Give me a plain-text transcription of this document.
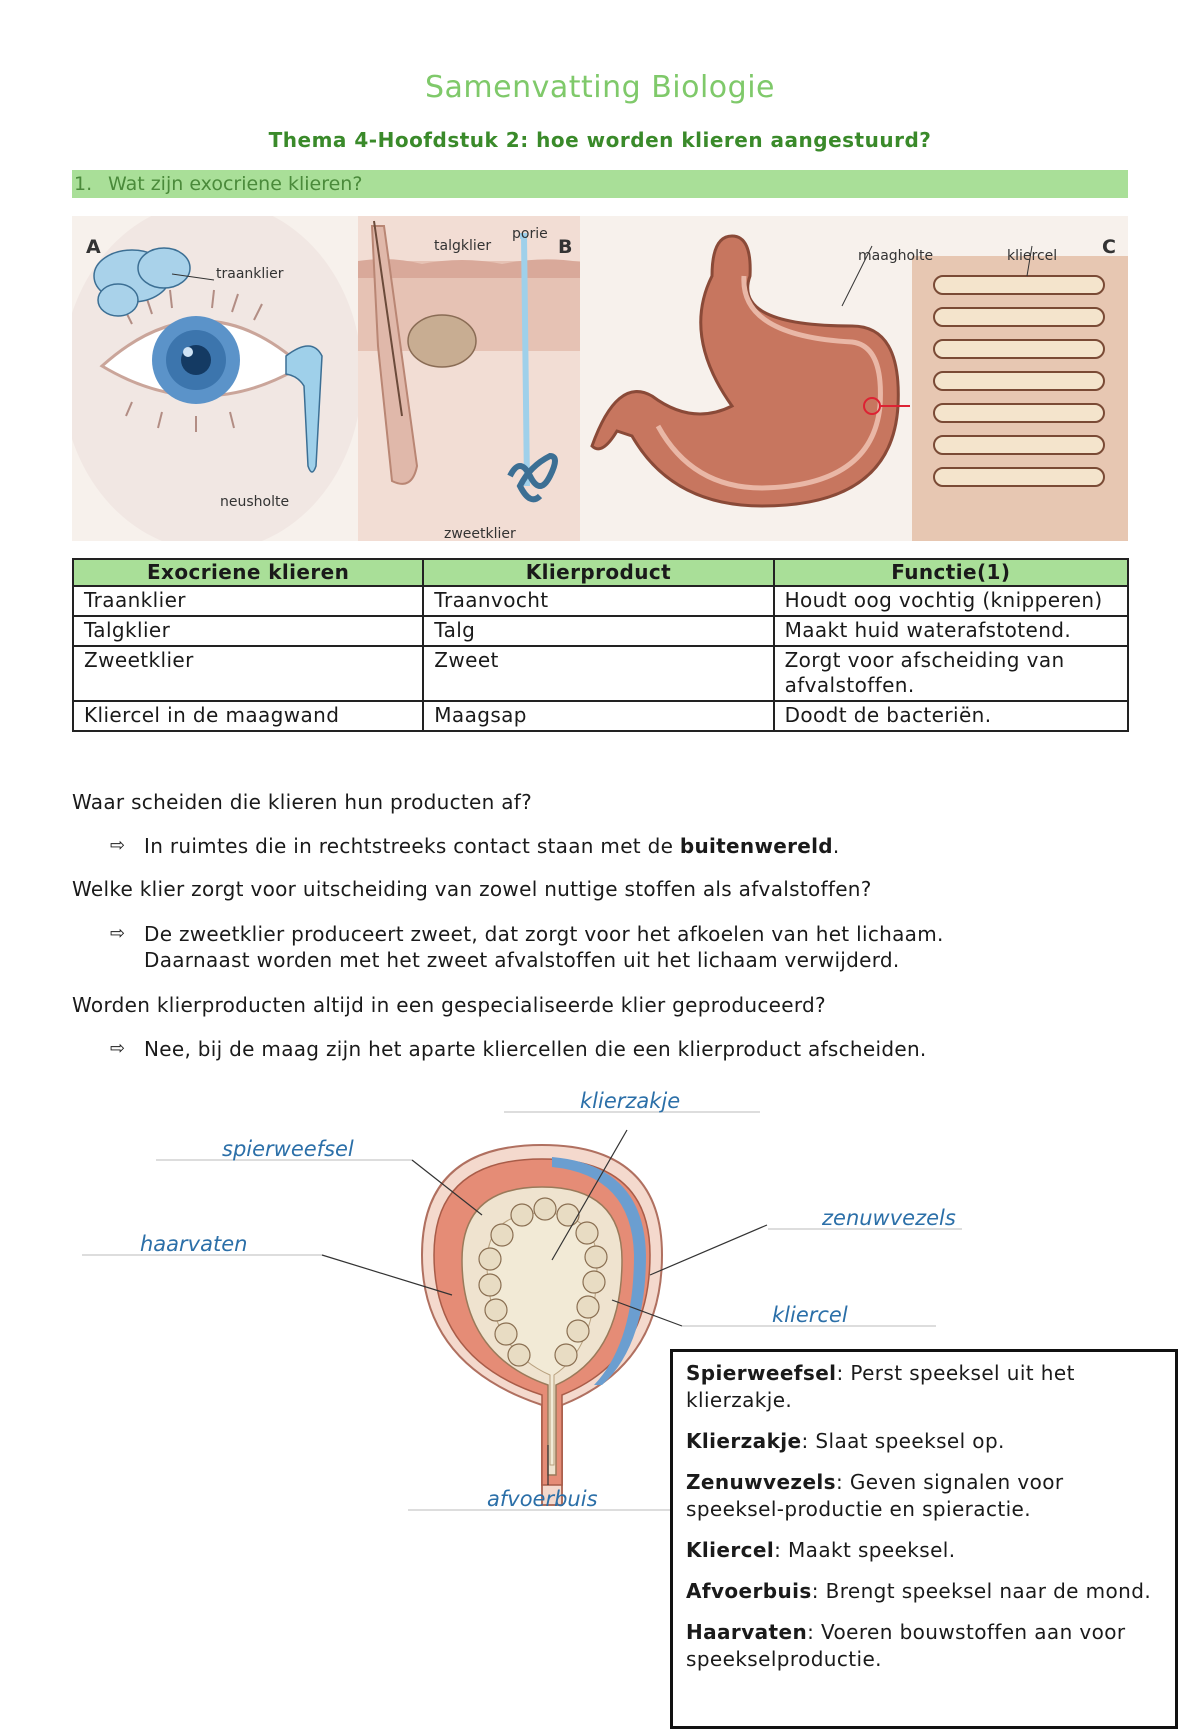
Samenvatting Biologie
Thema 4-Hoofdstuk 2: hoe worden klieren aangestuurd?
1. Wat zijn exocriene klieren?
A
traanklier
neusholte
B
talgklier
porie
zweetklier
C
maagholte	kliercel
Exocriene klieren	Klierproduct	Functie(1)
Traanklier	Traanvocht	Houdt oog vochtig (knipperen)
Talgklier	Talg	Maakt huid waterafstotend.
Zweetklier	Zweet	Zorgt voor afscheiding van afvalstoffen.
Kliercel in de maagwand	Maagsap	Doodt de bacteriën.
Waar scheiden die klieren hun producten af?
⇨ In ruimtes die in rechtstreeks contact staan met de buitenwereld.
Welke klier zorgt voor uitscheiding van zowel nuttige stoffen als afvalstoffen?
⇨ De zweetklier produceert zweet, dat zorgt voor het afkoelen van het lichaam. Daarnaast worden met het zweet afvalstoffen uit het lichaam verwijderd.
Worden klierproducten altijd in een gespecialiseerde klier geproduceerd?
⇨ Nee, bij de maag zijn het aparte kliercellen die een klierproduct afscheiden.
klierzakje
spierweefsel
zenuwvezels
haarvaten
kliercel
afvoerbuis

Spierweefsel: Perst speeksel uit het klierzakje.

Klierzakje: Slaat speeksel op.

Zenuwvezels: Geven signalen voor speeksel-productie en spieractie.

Kliercel: Maakt speeksel.

Afvoerbuis: Brengt speeksel naar de mond.

Haarvaten: Voeren bouwstoffen aan voor speekselproductie.
